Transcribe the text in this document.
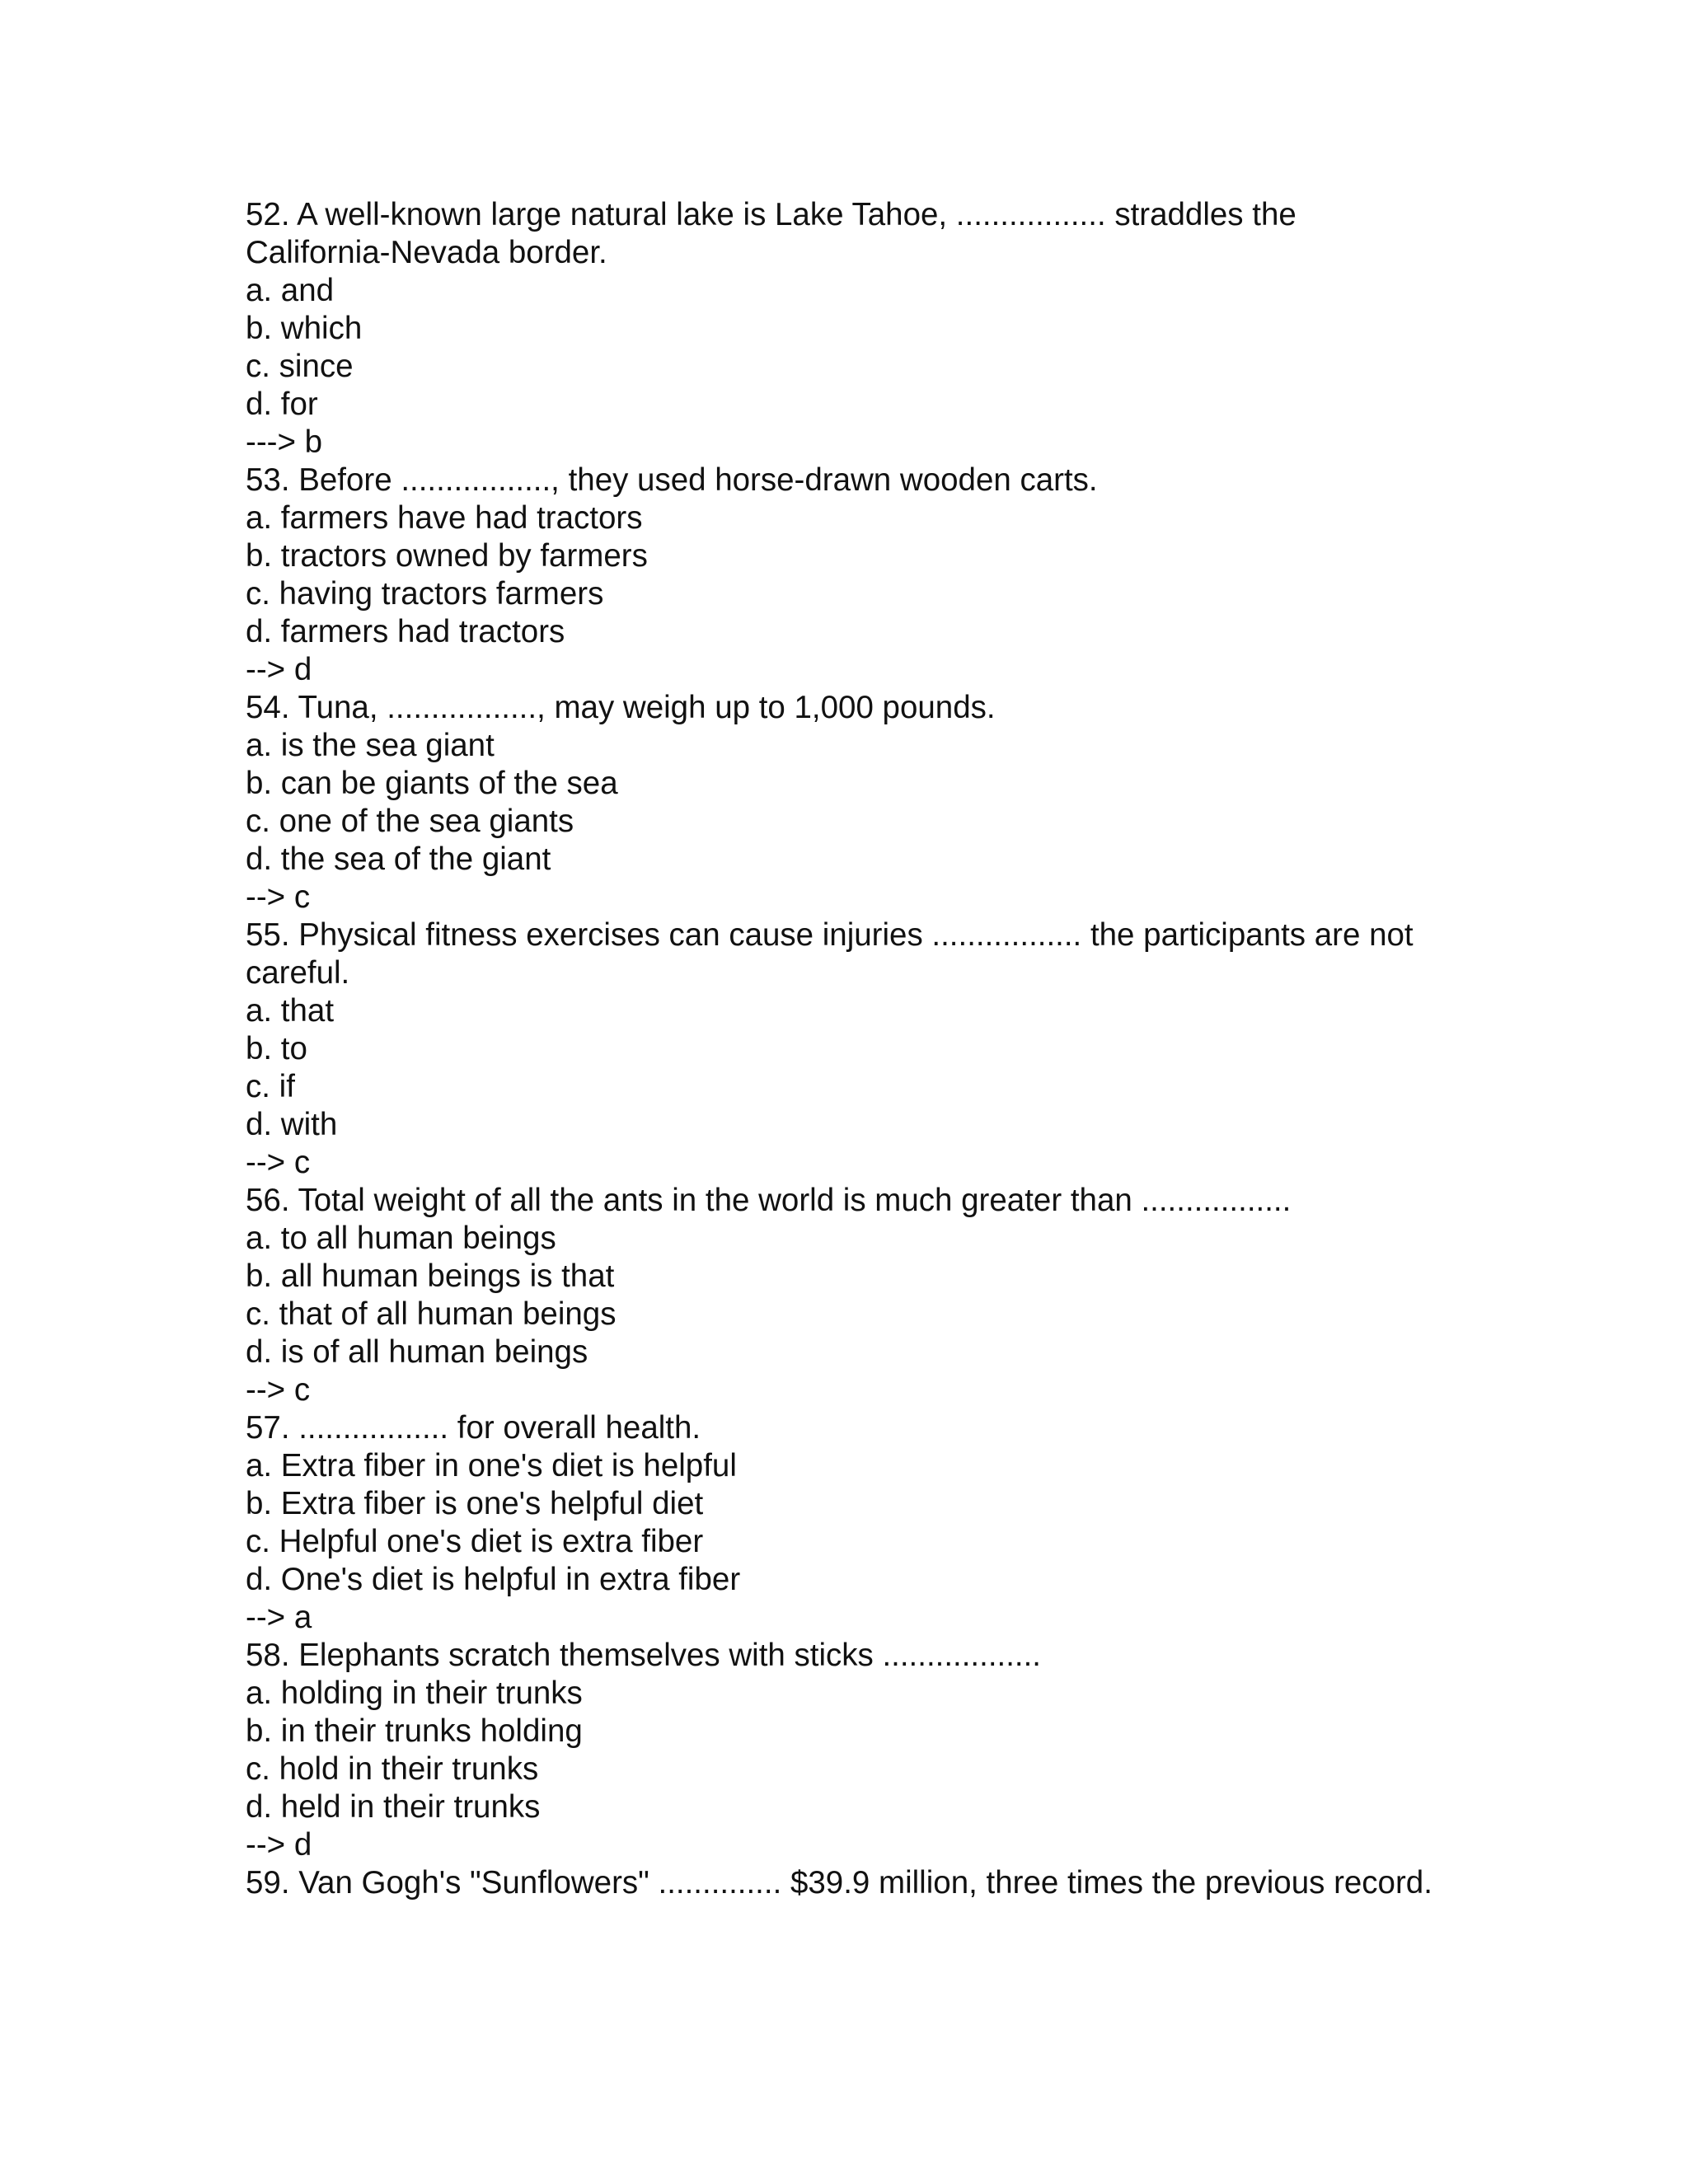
52. A well-known large natural lake is Lake Tahoe, ................. straddles the California-Nevada border.

a. and

b. which

c. since

d. for

---> b

53. Before ................., they used horse-drawn wooden carts.

a. farmers have had tractors

b. tractors owned by farmers

c. having tractors farmers

d. farmers had tractors

--> d

54. Tuna, ................., may weigh up to 1,000 pounds.

a. is the sea giant

b. can be giants of the sea

c. one of the sea giants

d. the sea of the giant

--> c

55. Physical fitness exercises can cause injuries ................. the participants are not careful.

a. that

b. to

c. if

d. with

--> c

56. Total weight of all the ants in the world is much greater than .................

a. to all human beings

b. all human beings is that

c. that of all human beings

d. is of all human beings

--> c

57. ................. for overall health.

a. Extra fiber in one's diet is helpful

b. Extra fiber is one's helpful diet

c. Helpful one's diet is extra fiber

d. One's diet is helpful in extra fiber

--> a

58. Elephants scratch themselves with sticks ..................

a. holding in their trunks

b. in their trunks holding

c. hold in their trunks

d. held in their trunks

--> d

59. Van Gogh's "Sunflowers" .............. $39.9 million, three times the previous record.
